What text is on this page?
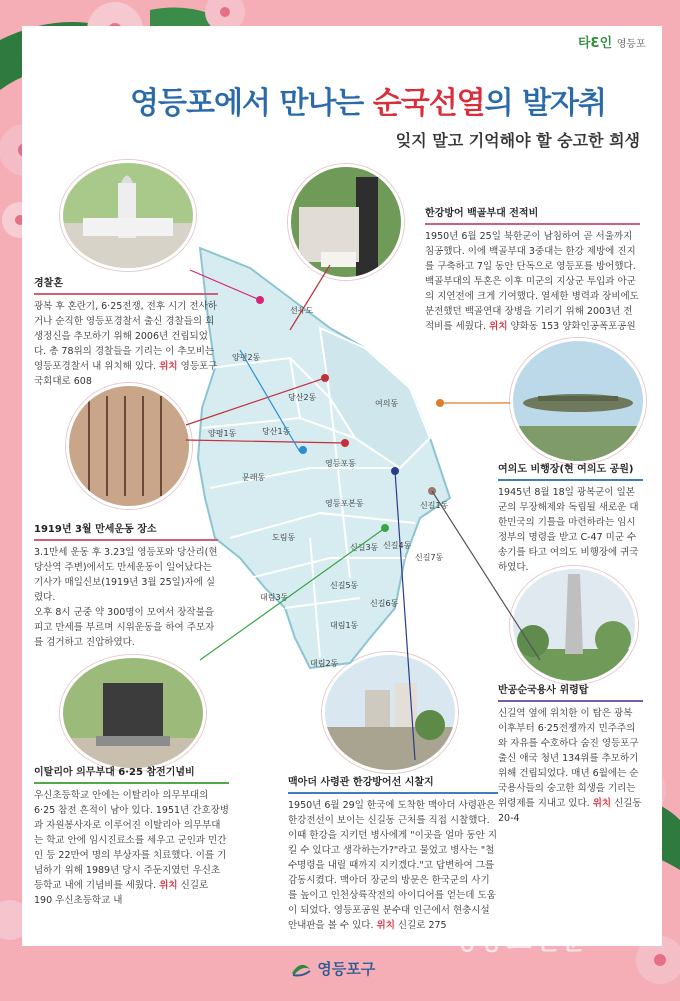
타Ɛ인 영등포
영등포에서 만나는 순국선열의 발자취
잊지 말고 기억해야 할 숭고한 희생
선유도
양평2동
당산2동
여의동
양평1동	당산1동
문래동
영등포동
영등포본동
도림동
신길3동
신길1동
신길4동
신길7동
대림3동
신길5동
신길6동
대림1동
대림2동
경찰혼
광복 후 혼란기, 6·25전쟁, 전후 시기 전사하거나 순직한 영등포경찰서 출신 경찰들의 희생정신을 추모하기 위해 2006년 건립되었다. 총 78위의 경찰들을 기리는 이 추모비는 영등포경찰서 내 위치해 있다. 위치 영등포구 국회대로 608
한강방어 백골부대 전적비
1950년 6월 25일 북한군이 남침하여 곧 서울까지 침공했다. 이에 백골부대 3중대는 한강 제방에 진지를 구축하고 7일 동안 단독으로 영등포를 방어했다. 백골부대의 투혼은 이후 미군의 지상군 투입과 아군의 지연전에 크게 기여했다. 열세한 병력과 장비에도 분전했던 백골연대 장병을 기리기 위해 2003년 전적비를 세웠다. 위치 양화동 153 양화인공폭포공원
1919년 3월 만세운동 장소
3.1만세 운동 후 3.23일 영등포와 당산리(현당산역 주변)에서도 만세운동이 일어났다는 기사가 매일신보(1919년 3월 25일)자에 실렸다.
오후 8시 군중 약 300명이 모여서 장작불을 피고 만세를 부르며 시위운동을 하여 주모자를 검거하고 진압하였다.
여의도 비행장(현 여의도 공원)
1945년 8월 18일 광복군이 일본군의 무장해제와 독립될 새로운 대한민국의 기틀을 마련하라는 임시정부의 명령을 받고 C-47 미군 수송기를 타고 여의도 비행장에 귀국하였다.
반공순국용사 위령탑
신길역 옆에 위치한 이 탑은 광복 이후부터 6·25전쟁까지 민주주의와 자유를 수호하다 숨진 영등포구 출신 애국 청년 134위를 추모하기 위해 건립되었다. 매년 6월에는 순국용사들의 숭고한 희생을 기리는 위령제를 지내고 있다. 위치 신길동 20-4
이탈리아 의무부대 6·25 참전기념비
우신초등학교 안에는 이탈리아 의무부대의 6·25 참전 흔적이 남아 있다. 1951년 간호장병과 자원봉사자로 이루어진 이탈리아 의무부대는 학교 안에 임시진료소를 세우고 군인과 민간인 등 22만여 명의 부상자를 치료했다. 이를 기념하기 위해 1989년 당시 주둔지였던 우신초등학교 내에 기념비를 세웠다. 위치 신길로 190 우신초등학교 내
맥아더 사령관 한강방어선 시찰지
1950년 6월 29일 한국에 도착한 맥아더 사령관은 한강전선이 보이는 신길동 근처를 직접 시찰했다. 이때 한강을 지키던 병사에게 "이곳을 얼마 동안 지킬 수 있다고 생각하는가?"라고 물었고 병사는 "철수명령을 내릴 때까지 지키겠다."고 답변하여 그를 감동시켰다. 맥아더 장군의 방문은 한국군의 사기를 높이고 인천상륙작전의 아이디어를 얻는데 도움이 되었다. 영등포공원 분수대 인근에서 현충시설 안내판을 볼 수 있다. 위치 신길로 275
영등포구
영등포신문
